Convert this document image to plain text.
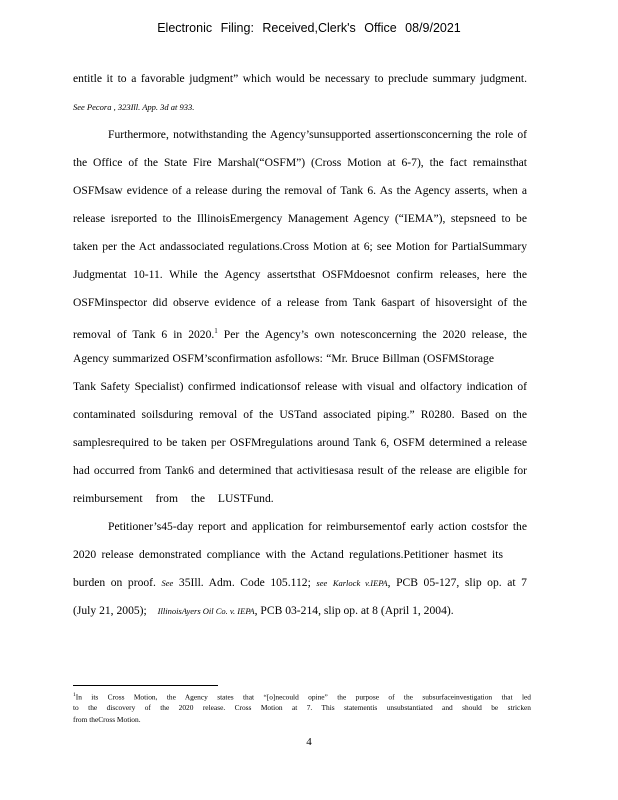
Electronic Filing: Received,Clerk's Office 08/9/2021
entitle it to a favorable judgment” which would be necessary to preclude summary judgment.
See Pecora , 323Ill. App. 3d at 933.
Furthermore, notwithstanding the Agency’sunsupported assertionsconcerning the role of
the Office of the State Fire Marshal(“OSFM”) (Cross Motion at 6-7), the fact remainsthat
OSFMsaw evidence of a release during the removal of Tank 6. As the Agency asserts, when a
release isreported to the IllinoisEmergency Management Agency (“IEMA”), stepsneed to be
taken per the Act andassociated regulations.Cross Motion at 6; see Motion for PartialSummary
Judgmentat 10-11. While the Agency assertsthat OSFMdoesnot confirm releases, here the
OSFMinspector did observe evidence of a release from Tank 6aspart of hisoversight of the
removal of Tank 6 in 2020.$^1$ Per the Agency’s own notesconcerning the 2020 release, the
Agency summarized OSFM’sconfirmation asfollows: “Mr. Bruce Billman (OSFMStorage
Tank Safety Specialist) confirmed indicationsof release with visual and olfactory indication of
contaminated soilsduring removal of the USTand associated piping.” R0280. Based on the
samplesrequired to be taken per OSFMregulations around Tank 6, OSFM determined a release
had occurred from Tank6 and determined that activitiesasa result of the release are eligible for
reimbursement from the LUSTFund.
Petitioner’s45-day report and application for reimbursementof early action costsfor the
2020 release demonstrated compliance with the Actand regulations.Petitioner hasmet its
burden on proof. See 35Ill. Adm. Code 105.112; see Karlock v.IEPA, PCB 05-127, slip op. at 7
(July 21, 2005); IllinoisAyers Oil Co. v. IEPA, PCB 03-214, slip op. at 8 (April 1, 2004).
$^1$In its Cross Motion, the Agency states that “[o]necould opine” the purpose of the subsurfaceinvestigation that led
to the discovery of the 2020 release. Cross Motion at 7. This statementis unsubstantiated and should be stricken
from theCross Motion.
4
